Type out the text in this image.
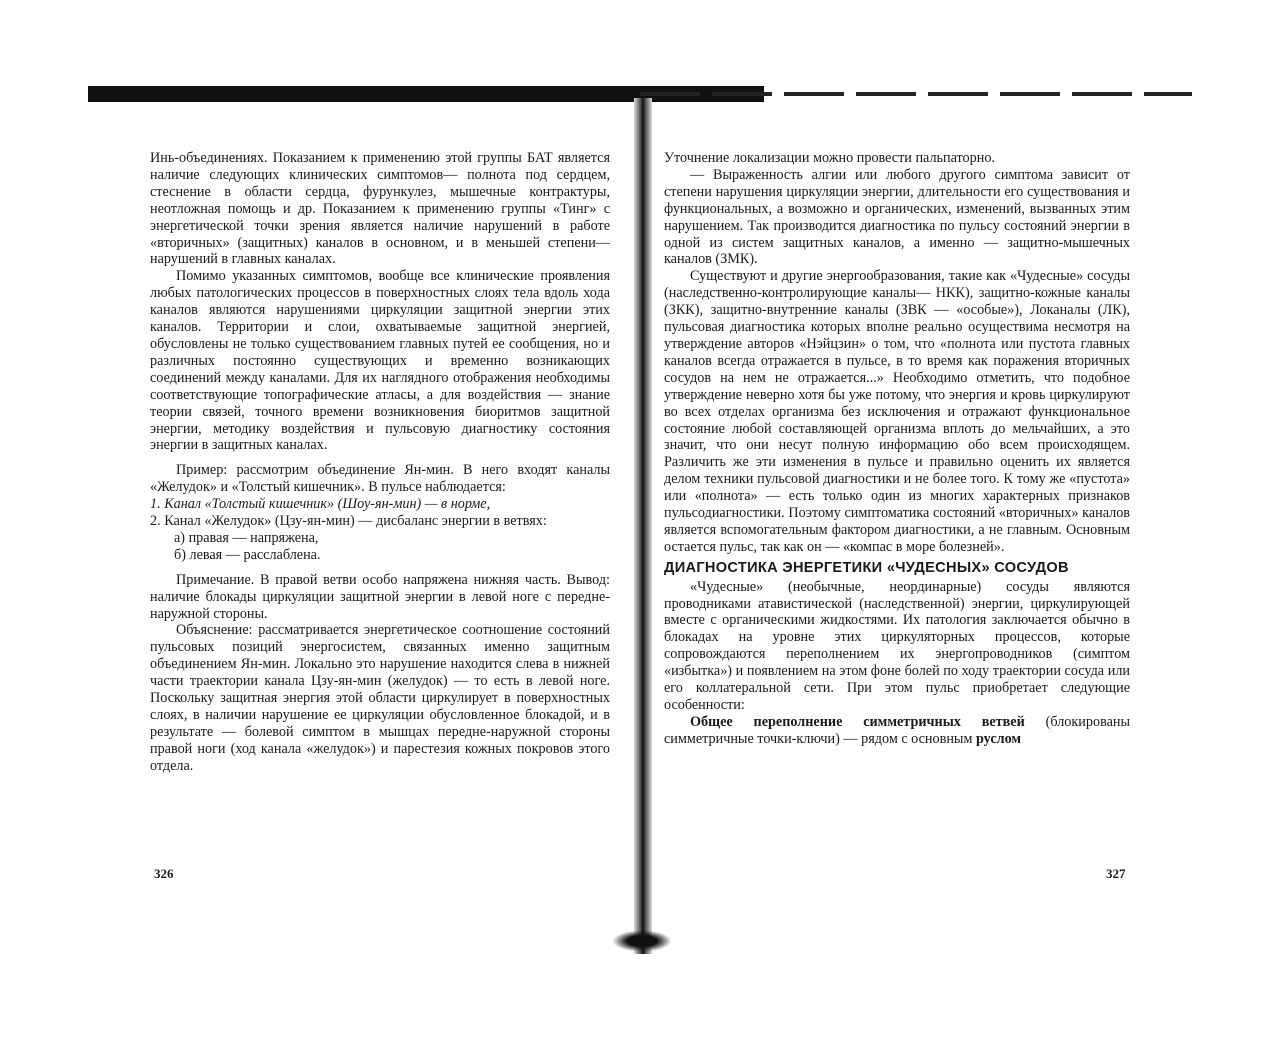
Инь-объединениях. Показанием к применению этой группы БАТ является наличие следующих клинических симптомов— полнота под сердцем, стеснение в области сердца, фурункулез, мышечные контрактуры, неотложная помощь и др. Показанием к применению группы «Тинг» с энергетической точки зрения является наличие нарушений в работе «вторичных» (защитных) каналов в основном, и в меньшей степени—нарушений в главных каналах.

Помимо указанных симптомов, вообще все клинические проявления любых патологических процессов в поверхностных слоях тела вдоль хода каналов являются нарушениями циркуляции защитной энергии этих каналов. Территории и слои, охватываемые защитной энергией, обусловлены не только существованием главных путей ее сообщения, но и различных постоянно существующих и временно возникающих соединений между каналами. Для их наглядного отображения необходимы соответствующие топографические атласы, а для воздействия — знание теории связей, точного времени возникновения биоритмов защитной энергии, методику воздействия и пульсовую диагностику состояния энергии в защитных каналах.

Пример: рассмотрим объединение Ян-мин. В него входят каналы «Желудок» и «Толстый кишечник». В пульсе наблюдается:

1. Канал «Толстый кишечник» (Шоу-ян-мин) — в норме,

2. Канал «Желудок» (Цзу-ян-мин) — дисбаланс энергии в ветвях:

а) правая — напряжена,

б) левая — расслаблена.

Примечание. В правой ветви особо напряжена нижняя часть. Вывод: наличие блокады циркуляции защитной энергии в левой ноге с передне-наружной стороны.

Объяснение: рассматривается энергетическое соотношение состояний пульсовых позиций энергосистем, связанных именно защитным объединением Ян-мин. Локально это нарушение находится слева в нижней части траектории канала Цзу-ян-мин (желудок) — то есть в левой ноге. Поскольку защитная энергия этой области циркулирует в поверхностных слоях, в наличии нарушение ее циркуляции обусловленное блокадой, и в результате — болевой симптом в мышцах передне-наружной стороны правой ноги (ход канала «желудок») и парестезия кожных покровов этого отдела.

326

Уточнение локализации можно провести пальпаторно.

— Выраженность алгии или любого другого симптома зависит от степени нарушения циркуляции энергии, длительности его существования и функциональных, а возможно и органических, изменений, вызванных этим нарушением. Так производится диагностика по пульсу состояний энергии в одной из систем защитных каналов, а именно — защитно-мышечных каналов (ЗМК).

Существуют и другие энергообразования, такие как «Чудесные» сосуды (наследственно-контролирующие каналы— НКК), защитно-кожные каналы (ЗКК), защитно-внутренние каналы (ЗВК — «особые»), Локаналы (ЛК), пульсовая диагностика которых вполне реально осуществима несмотря на утверждение авторов «Нэйцзин» о том, что «полнота или пустота главных каналов всегда отражается в пульсе, в то время как поражения вторичных сосудов на нем не отражается...» Необходимо отметить, что подобное утверждение неверно хотя бы уже потому, что энергия и кровь циркулируют во всех отделах организма без исключения и отражают функциональное состояние любой составляющей организма вплоть до мельчайших, а это значит, что они несут полную информацию обо всем происходящем. Различить же эти изменения в пульсе и правильно оценить их является делом техники пульсовой диагностики и не более того. К тому же «пустота» или «полнота» — есть только один из многих характерных признаков пульсодиагностики. Поэтому симптоматика состояний «вторичных» каналов является вспомогательным фактором диагностики, а не главным. Основным остается пульс, так как он — «компас в море болезней».

ДИАГНОСТИКА ЭНЕРГЕТИКИ «ЧУДЕСНЫХ» СОСУДОВ

«Чудесные» (необычные, неординарные) сосуды являются проводниками атавистической (наследственной) энергии, циркулирующей вместе с органическими жидкостями. Их патология заключается обычно в блокадах на уровне этих циркуляторных процессов, которые сопровождаются переполнением их энергопроводников (симптом «избытка») и появлением на этом фоне болей по ходу траектории сосуда или его коллатеральной сети. При этом пульс приобретает следующие особенности:

Общее переполнение симметричных ветвей (блокированы симметричные точки-ключи) — рядом с основным руслом

327
